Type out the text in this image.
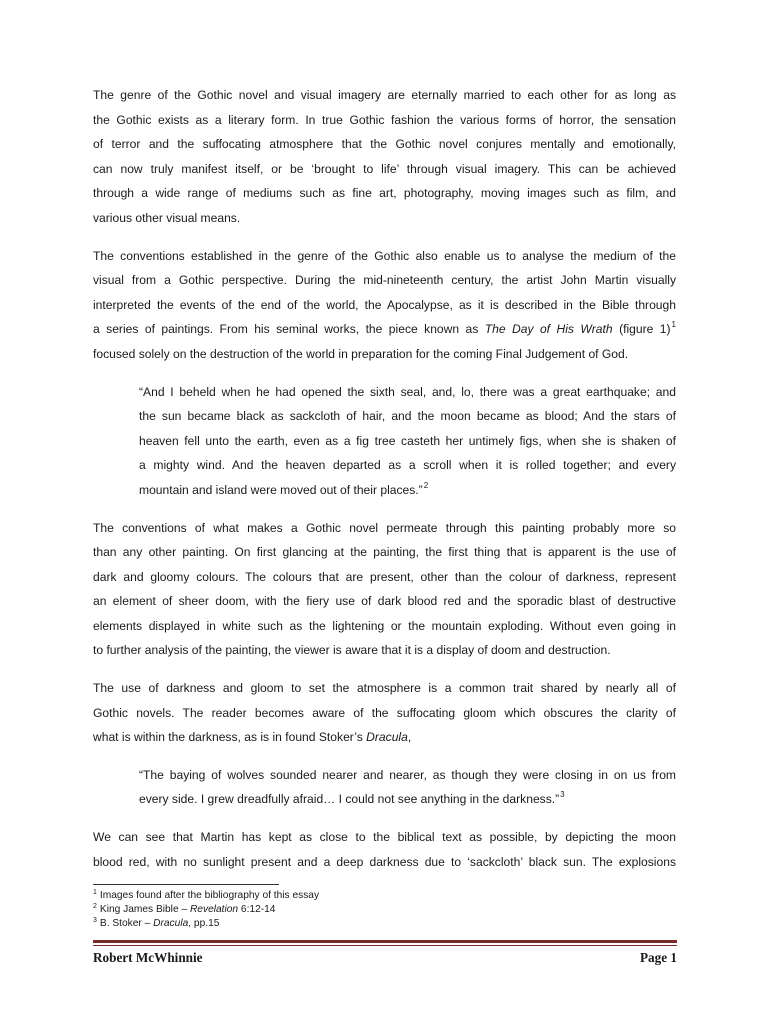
The genre of the Gothic novel and visual imagery are eternally married to each other for as long as
the Gothic exists as a literary form. In true Gothic fashion the various forms of horror, the sensation
of terror and the suffocating atmosphere that the Gothic novel conjures mentally and emotionally,
can now truly manifest itself, or be ‘brought to life’ through visual imagery. This can be achieved
through a wide range of mediums such as fine art, photography, moving images such as film, and
various other visual means.
The conventions established in the genre of the Gothic also enable us to analyse the medium of the
visual from a Gothic perspective. During the mid-nineteenth century, the artist John Martin visually
interpreted the events of the end of the world, the Apocalypse, as it is described in the Bible through
a series of paintings. From his seminal works, the piece known as The Day of His Wrath (figure 1)$^1$
focused solely on the destruction of the world in preparation for the coming Final Judgement of God.
“And I beheld when he had opened the sixth seal, and, lo, there was a great earthquake; and
the sun became black as sackcloth of hair, and the moon became as blood; And the stars of
heaven fell unto the earth, even as a fig tree casteth her untimely figs, when she is shaken of
a mighty wind. And the heaven departed as a scroll when it is rolled together; and every
mountain and island were moved out of their places.”$^2$
The conventions of what makes a Gothic novel permeate through this painting probably more so
than any other painting. On first glancing at the painting, the first thing that is apparent is the use of
dark and gloomy colours. The colours that are present, other than the colour of darkness, represent
an element of sheer doom, with the fiery use of dark blood red and the sporadic blast of destructive
elements displayed in white such as the lightening or the mountain exploding. Without even going in
to further analysis of the painting, the viewer is aware that it is a display of doom and destruction.
The use of darkness and gloom to set the atmosphere is a common trait shared by nearly all of
Gothic novels. The reader becomes aware of the suffocating gloom which obscures the clarity of
what is within the darkness, as is in found Stoker’s Dracula,
“The baying of wolves sounded nearer and nearer, as though they were closing in on us from
every side. I grew dreadfully afraid… I could not see anything in the darkness.”$^3$
We can see that Martin has kept as close to the biblical text as possible, by depicting the moon
blood red, with no sunlight present and a deep darkness due to ‘sackcloth’ black sun. The explosions
$^1$ Images found after the bibliography of this essay
$^2$ King James Bible – Revelation 6:12-14
$^3$ B. Stoker – Dracula, pp.15
Robert McWhinnie	Page 1
